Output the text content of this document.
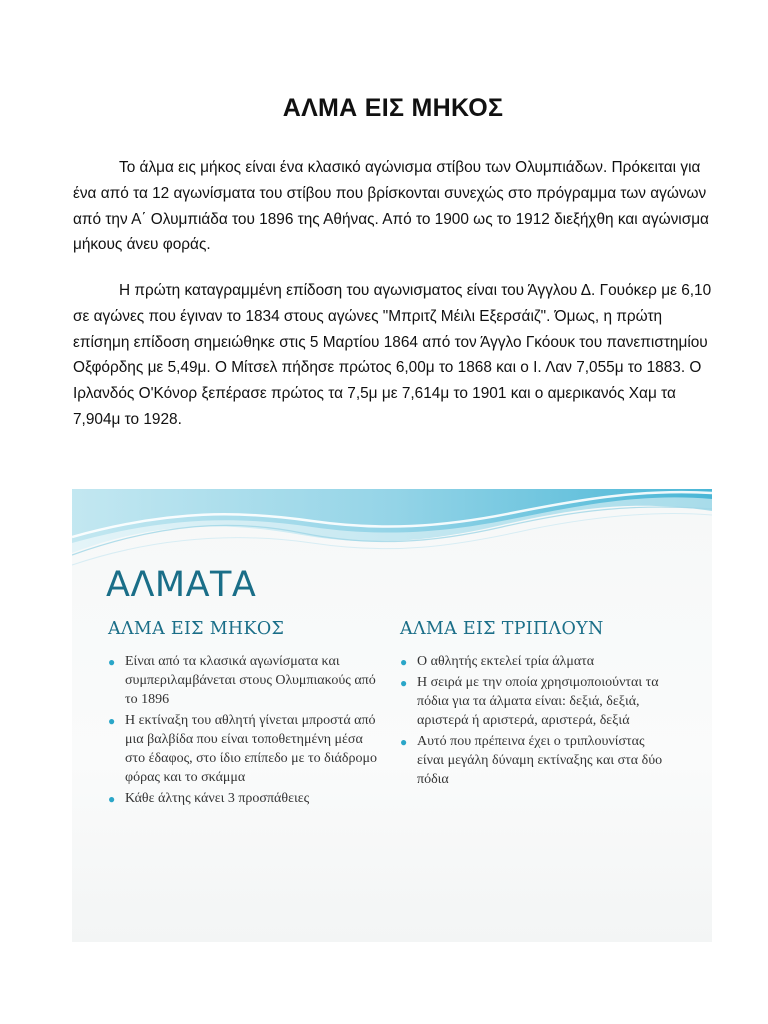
ΑΛΜΑ ΕΙΣ ΜΗΚΟΣ

Το άλμα εις μήκος είναι ένα κλασικό αγώνισμα στίβου των Ολυμπιάδων. Πρόκειται για ένα από τα 12 αγωνίσματα του στίβου που βρίσκονται συνεχώς στο πρόγραμμα των αγώνων από την Α΄ Ολυμπιάδα του 1896 της Αθήνας. Από το 1900 ως το 1912 διεξήχθη και αγώνισμα μήκους άνευ φοράς.

Η πρώτη καταγραμμένη επίδοση του αγωνισματος είναι του Άγγλου Δ. Γουόκερ με 6,10 σε αγώνες που έγιναν το 1834 στους αγώνες "Μπριτζ Μέιλι Εξερσάιζ". Όμως, η πρώτη επίσημη επίδοση σημειώθηκε στις 5 Μαρτίου 1864 από τον Άγγλο Γκόουκ του πανεπιστημίου Οξφόρδης με 5,49μ. Ο Μίτσελ πήδησε πρώτος 6,00μ το 1868 και ο Ι. Λαν 7,055μ το 1883. Ο Ιρλανδός Ο'Κόνορ ξεπέρασε πρώτος τα 7,5μ με 7,614μ το 1901 και ο αμερικανός Χαμ τα 7,904μ το 1928.

ΑΛΜΑΤΑ
ΑΛΜΑ ΕΙΣ ΜΗΚΟΣ
● Είναι από τα κλασικά αγωνίσματα και συμπεριλαμβάνεται στους Ολυμπιακούς από το 1896
● Η εκτίναξη του αθλητή γίνεται μπροστά από μια βαλβίδα που είναι τοποθετημένη μέσα στο έδαφος, στο ίδιο επίπεδο με το διάδρομο φόρας και το σκάμμα
● Κάθε άλτης κάνει 3 προσπάθειες
ΑΛΜΑ ΕΙΣ ΤΡΙΠΛΟΥΝ
● Ο αθλητής εκτελεί τρία άλματα
● Η σειρά με την οποία χρησιμοποιούνται τα πόδια για τα άλματα είναι: δεξιά, δεξιά, αριστερά ή αριστερά, αριστερά, δεξιά
● Αυτό που πρέπεινα έχει ο τριπλουνίστας είναι μεγάλη δύναμη εκτίναξης και στα δύο πόδια
